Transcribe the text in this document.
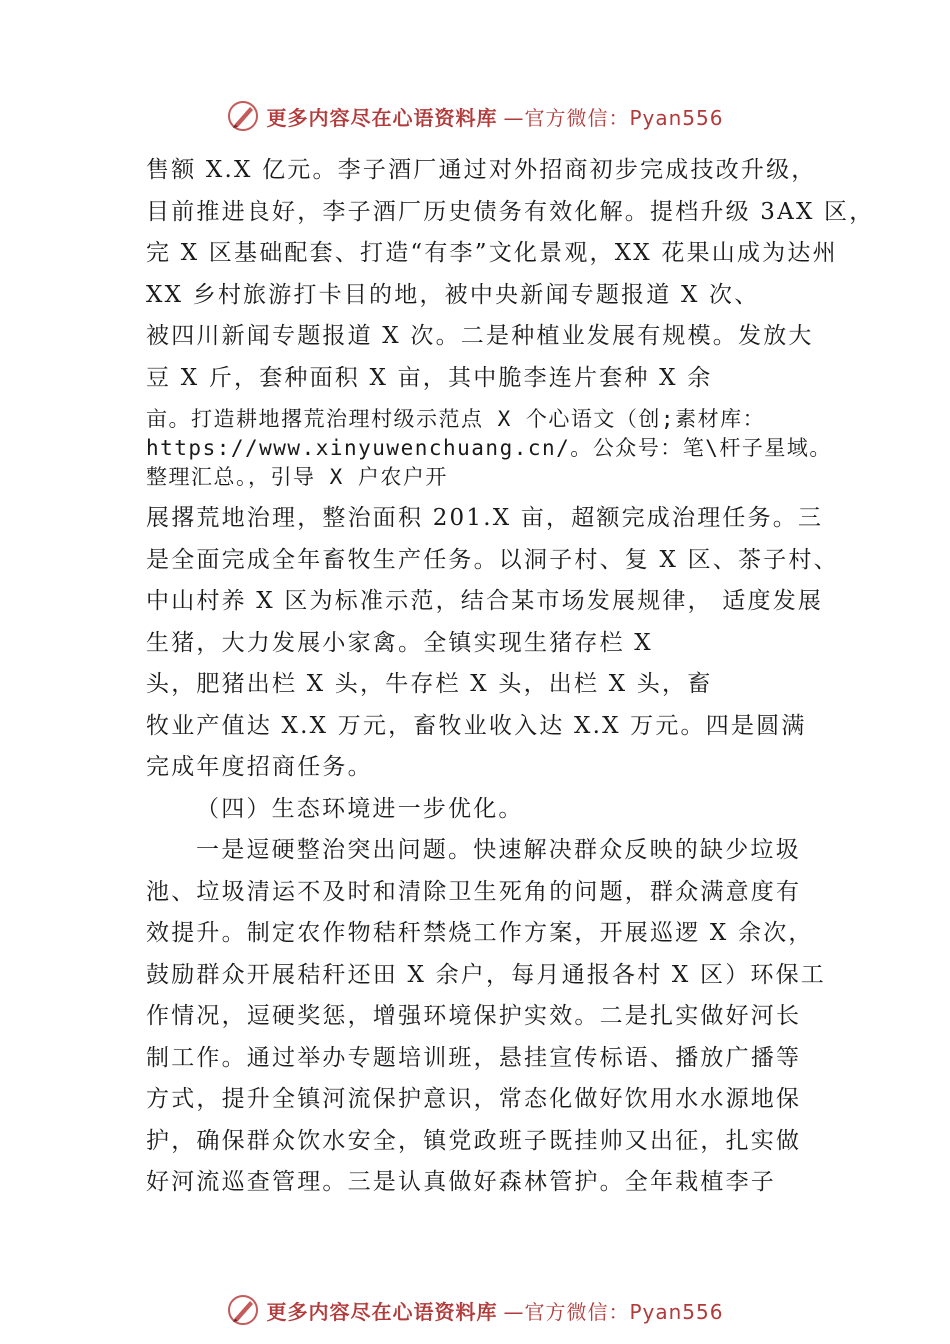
更多内容尽在心语资料库 —官方微信：Pyan556
售额 X.X 亿元。李子酒厂通过对外招商初步完成技改升级，
目前推进良好，李子酒厂历史债务有效化解。提档升级 3AX 区，
完 X 区基础配套、打造“有李”文化景观，XX 花果山成为达州
XX 乡村旅游打卡目的地，被中央新闻专题报道 X 次、
被四川新闻专题报道 X 次。二是种植业发展有规模。发放大
豆 X 斤，套种面积 X 亩，其中脆李连片套种 X 余
亩。打造耕地撂荒治理村级示范点 X 个心语文（创;素材库：
https://www.xinyuwenchuang.cn/。公众号：笔\杆子星域。
整理汇总。，引导 X 户农户开
展撂荒地治理，整治面积 201.X 亩，超额完成治理任务。三
是全面完成全年畜牧生产任务。以洞子村、复 X 区、茶子村、
中山村养 X 区为标准示范，结合某市场发展规律， 适度发展
生猪，大力发展小家禽。全镇实现生猪存栏 X
头，肥猪出栏 X 头，牛存栏 X 头，出栏 X 头，畜
牧业产值达 X.X 万元，畜牧业收入达 X.X 万元。四是圆满
完成年度招商任务。
（四）生态环境进一步优化。
一是逗硬整治突出问题。快速解决群众反映的缺少垃圾
池、垃圾清运不及时和清除卫生死角的问题，群众满意度有
效提升。制定农作物秸秆禁烧工作方案，开展巡逻 X 余次，
鼓励群众开展秸秆还田 X 余户，每月通报各村 X 区）环保工
作情况，逗硬奖惩，增强环境保护实效。二是扎实做好河长
制工作。通过举办专题培训班，悬挂宣传标语、播放广播等
方式，提升全镇河流保护意识，常态化做好饮用水水源地保
护，确保群众饮水安全，镇党政班子既挂帅又出征，扎实做
好河流巡查管理。三是认真做好森林管护。全年栽植李子
更多内容尽在心语资料库 —官方微信：Pyan556
